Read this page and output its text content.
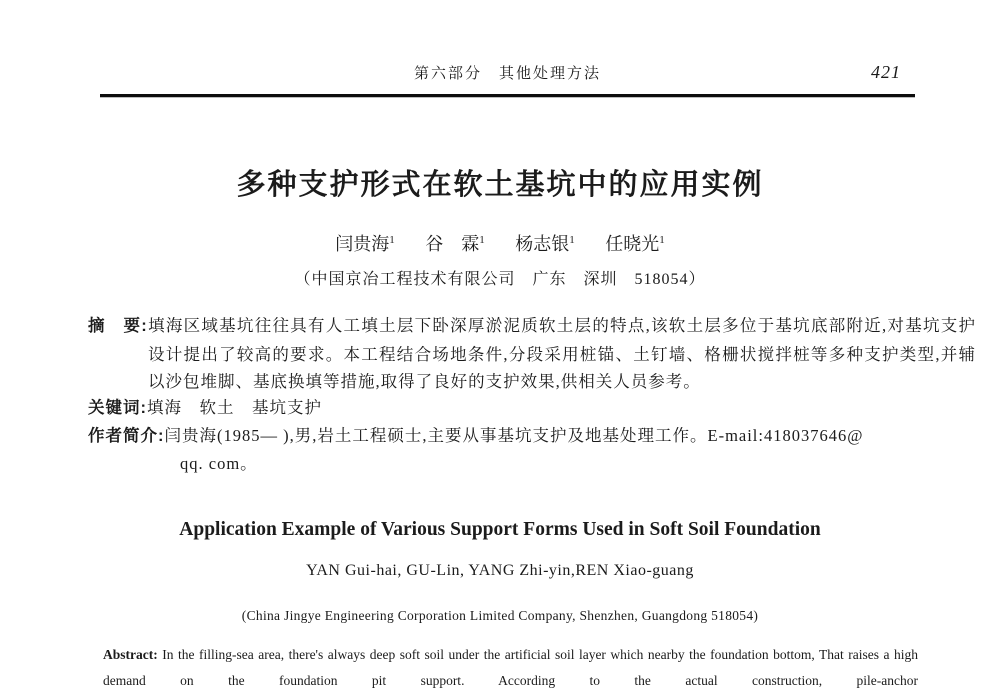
第六部分　其他处理方法	421
多种支护形式在软土基坑中的应用实例
闫贵海$^1$ 谷　霖$^1$ 杨志银$^1$ 任晓光$^1$
（中国京冶工程技术有限公司　广东　深圳　518054）

摘　要:填海区域基坑往往具有人工填土层下卧深厚淤泥质软土层的特点,该软土层多位于基坑底部附近,对基坑支护设计提出了较高的要求。本工程结合场地条件,分段采用桩锚、土钉墙、格栅状搅拌桩等多种支护类型,并辅以沙包堆脚、基底换填等措施,取得了良好的支护效果,供相关人员参考。

关键词:填海　软土　基坑支护

作者简介:闫贵海(1985— ),男,岩土工程硕士,主要从事基坑支护及地基处理工作。E-mail:418037646@

qq. com。

Application Example of Various Support Forms Used in Soft Soil Foundation
YAN Gui-hai, GU-Lin, YANG Zhi-yin,REN Xiao-guang
(China Jingye Engineering Corporation Limited Company, Shenzhen, Guangdong 518054)

Abstract: In the filling-sea area, there's always deep soft soil under the artificial soil layer which nearby the foundation bottom, That raises a high demand on the foundation pit support. According to the actual construction, pile-anchor
